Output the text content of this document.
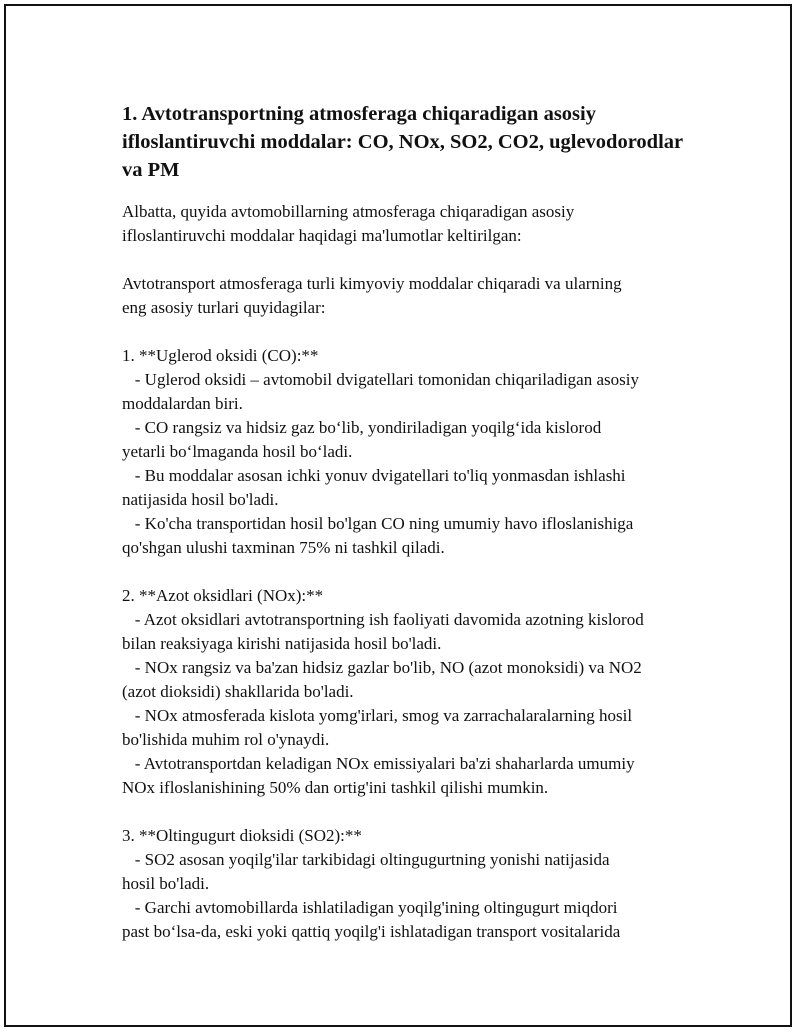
1. Avtotransportning atmosferaga chiqaradigan asosiy ifloslantiruvchi moddalar: CO, NOx, SO2, CO2, uglevodorodlar va PM

Albatta, quyida avtomobillarning atmosferaga chiqaradigan asosiy
ifloslantiruvchi moddalar haqidagi ma'lumotlar keltirilgan:

Avtotransport atmosferaga turli kimyoviy moddalar chiqaradi va ularning
eng asosiy turlari quyidagilar:

1. **Uglerod oksidi (CO):**
- Uglerod oksidi – avtomobil dvigatellari tomonidan chiqariladigan asosiy
moddalardan biri.
- CO rangsiz va hidsiz gaz bo‘lib, yondiriladigan yoqilg‘ida kislorod
yetarli bo‘lmaganda hosil bo‘ladi.
- Bu moddalar asosan ichki yonuv dvigatellari to'liq yonmasdan ishlashi
natijasida hosil bo'ladi.
- Ko'cha transportidan hosil bo'lgan CO ning umumiy havo ifloslanishiga
qo'shgan ulushi taxminan 75% ni tashkil qiladi.

2. **Azot oksidlari (NOx):**
- Azot oksidlari avtotransportning ish faoliyati davomida azotning kislorod
bilan reaksiyaga kirishi natijasida hosil bo'ladi.
- NOx rangsiz va ba'zan hidsiz gazlar bo'lib, NO (azot monoksidi) va NO2
(azot dioksidi) shakllarida bo'ladi.
- NOx atmosferada kislota yomg'irlari, smog va zarrachalaralarning hosil
bo'lishida muhim rol o'ynaydi.
- Avtotransportdan keladigan NOx emissiyalari ba'zi shaharlarda umumiy
NOx ifloslanishining 50% dan ortig'ini tashkil qilishi mumkin.

3. **Oltingugurt dioksidi (SO2):**
- SO2 asosan yoqilg'ilar tarkibidagi oltingugurtning yonishi natijasida
hosil bo'ladi.
- Garchi avtomobillarda ishlatiladigan yoqilg'ining oltingugurt miqdori
past bo‘lsa-da, eski yoki qattiq yoqilg'i ishlatadigan transport vositalarida
